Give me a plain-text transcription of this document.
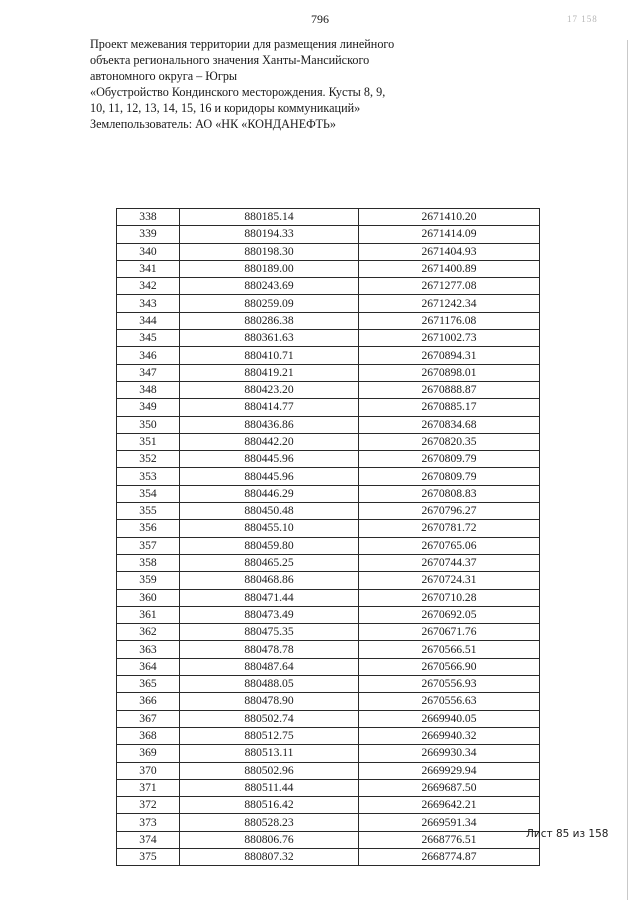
796	17 158
Проект межевания территории для размещения линейного
объекта регионального значения Ханты-Мансийского
автономного округа – Югры
«Обустройство Кондинского месторождения. Кусты 8, 9,
10, 11, 12, 13, 14, 15, 16 и коридоры коммуникаций»
Землепользователь: АО «НК «КОНДАНЕФТЬ»
338	880185.14	2671410.20
339	880194.33	2671414.09
340	880198.30	2671404.93
341	880189.00	2671400.89
342	880243.69	2671277.08
343	880259.09	2671242.34
344	880286.38	2671176.08
345	880361.63	2671002.73
346	880410.71	2670894.31
347	880419.21	2670898.01
348	880423.20	2670888.87
349	880414.77	2670885.17
350	880436.86	2670834.68
351	880442.20	2670820.35
352	880445.96	2670809.79
353	880445.96	2670809.79
354	880446.29	2670808.83
355	880450.48	2670796.27
356	880455.10	2670781.72
357	880459.80	2670765.06
358	880465.25	2670744.37
359	880468.86	2670724.31
360	880471.44	2670710.28
361	880473.49	2670692.05
362	880475.35	2670671.76
363	880478.78	2670566.51
364	880487.64	2670566.90
365	880488.05	2670556.93
366	880478.90	2670556.63
367	880502.74	2669940.05
368	880512.75	2669940.32
369	880513.11	2669930.34
370	880502.96	2669929.94
371	880511.44	2669687.50
372	880516.42	2669642.21
373	880528.23	2669591.34
374	880806.76	2668776.51
375	880807.32	2668774.87
Лист 85 из 158
